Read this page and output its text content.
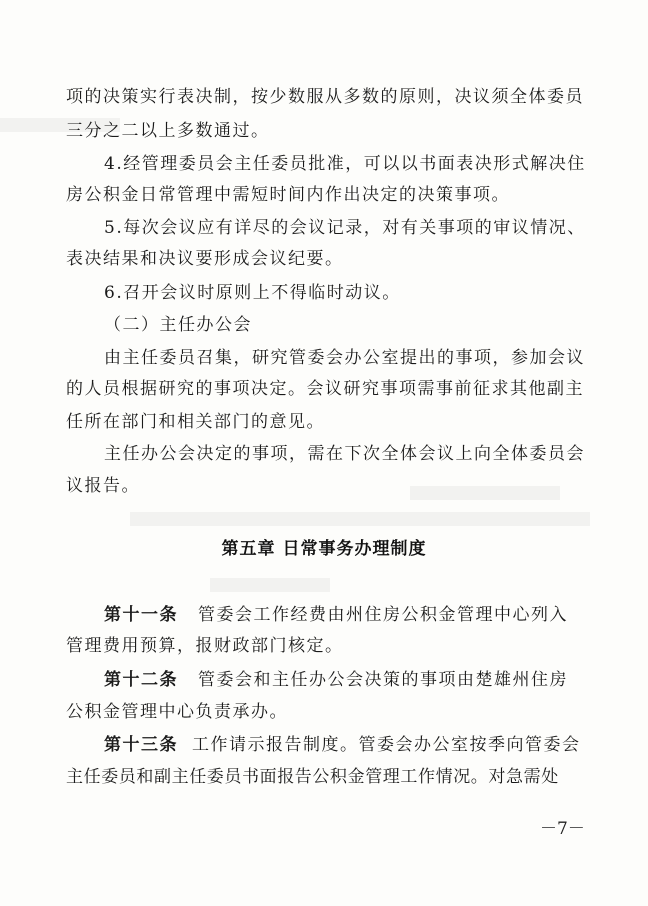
项的决策实行表决制，按少数服从多数的原则，决议须全体委员
三分之二以上多数通过。
4.经管理委员会主任委员批准，可以以书面表决形式解决住
房公积金日常管理中需短时间内作出决定的决策事项。
5.每次会议应有详尽的会议记录，对有关事项的审议情况、
表决结果和决议要形成会议纪要。
6.召开会议时原则上不得临时动议。
（二）主任办公会
由主任委员召集，研究管委会办公室提出的事项，参加会议
的人员根据研究的事项决定。会议研究事项需事前征求其他副主
任所在部门和相关部门的意见。
主任办公会决定的事项，需在下次全体会议上向全体委员会
议报告。
第五章 日常事务办理制度
第十一条 管委会工作经费由州住房公积金管理中心列入
管理费用预算，报财政部门核定。
第十二条 管委会和主任办公会决策的事项由楚雄州住房
公积金管理中心负责承办。
第十三条 工作请示报告制度。管委会办公室按季向管委会
主任委员和副主任委员书面报告公积金管理工作情况。对急需处
－7－
